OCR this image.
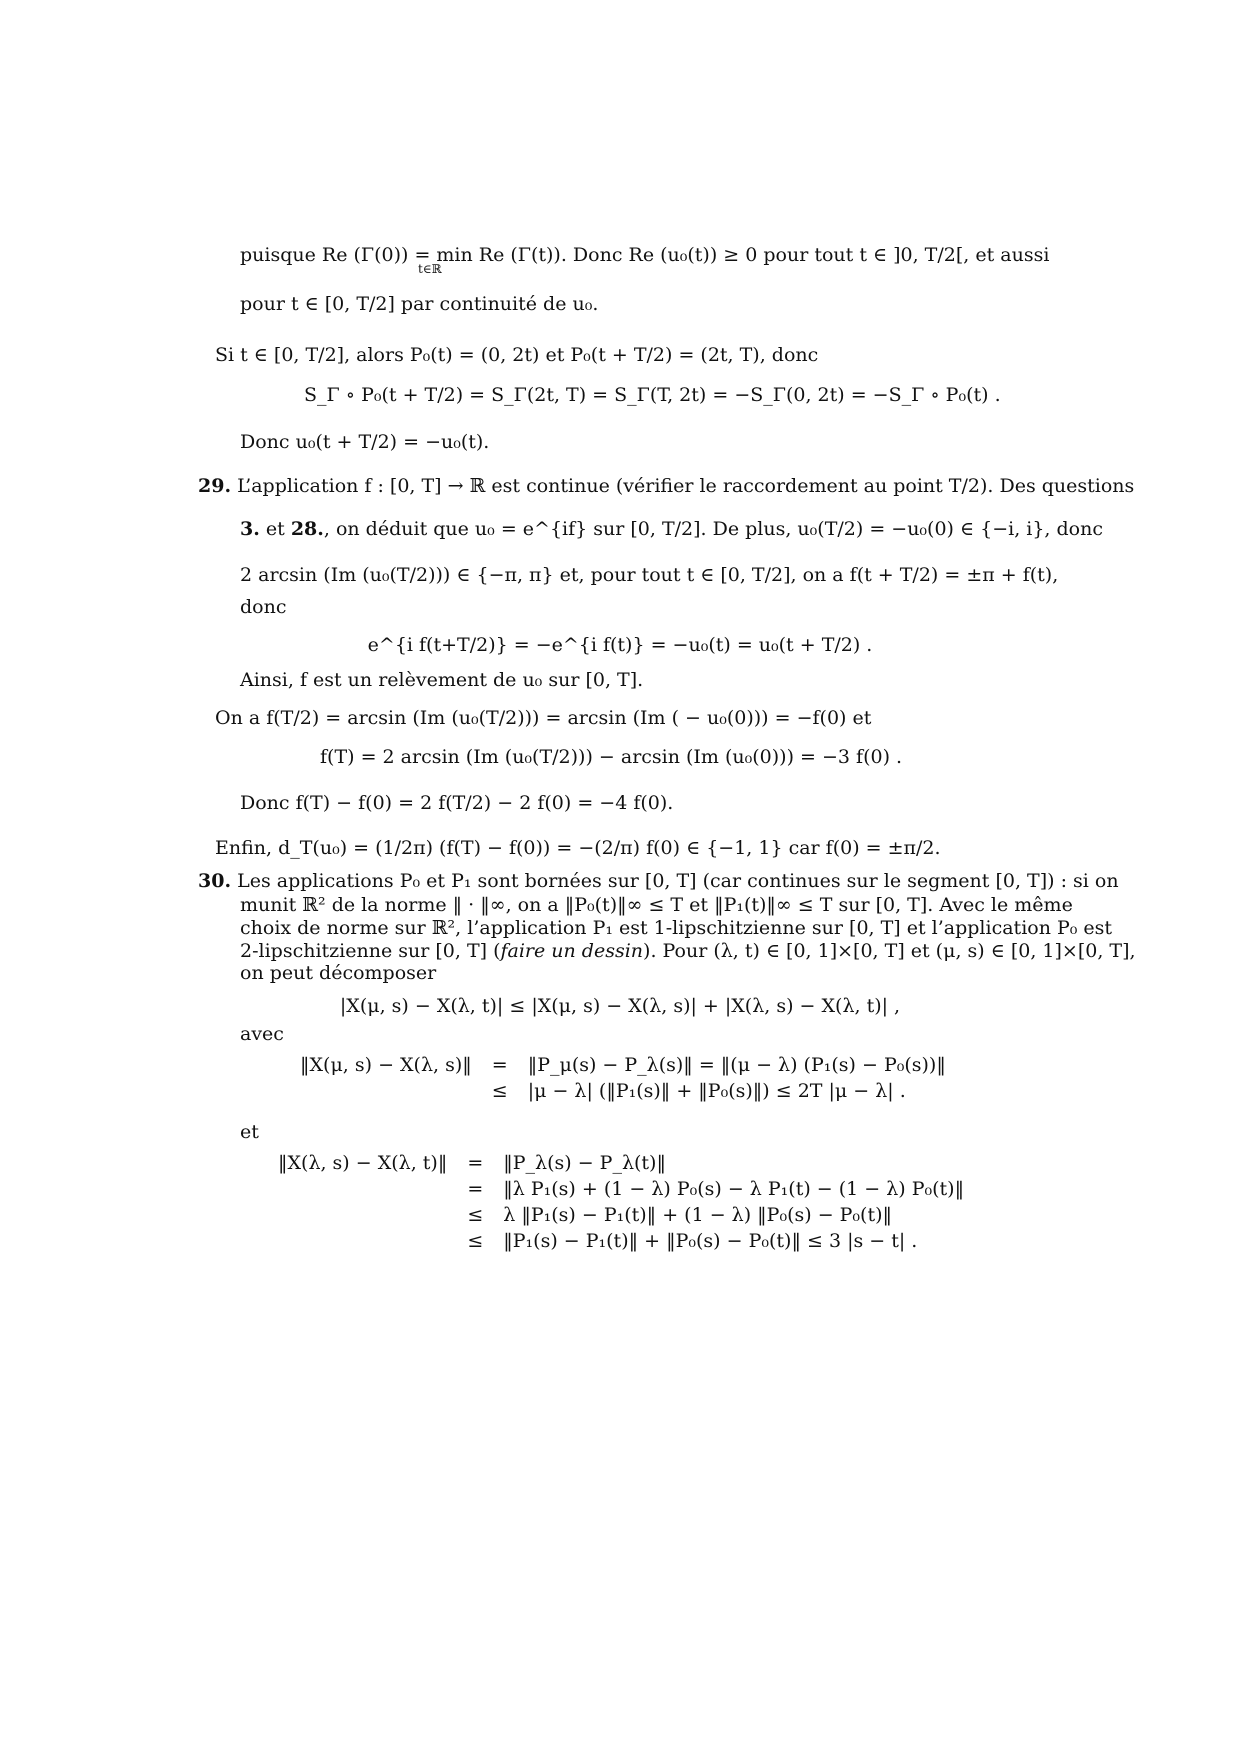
puisque Re (Γ(0)) = min Re (Γ(t)). Donc Re (u₀(t)) ≥ 0 pour tout t ∈ ]0, T/2[, et aussi
t∈ℝ
pour t ∈ [0, T/2] par continuité de u₀.
Si t ∈ [0, T/2], alors P₀(t) = (0, 2t) et P₀(t + T/2) = (2t, T), donc
S_Γ ∘ P₀(t + T/2) = S_Γ(2t, T) = S_Γ(T, 2t) = −S_Γ(0, 2t) = −S_Γ ∘ P₀(t) .
Donc u₀(t + T/2) = −u₀(t).
29. L’application f : [0, T] → ℝ est continue (vérifier le raccordement au point T/2). Des questions
3. et 28., on déduit que u₀ = e^{if} sur [0, T/2]. De plus, u₀(T/2) = −u₀(0) ∈ {−i, i}, donc
2 arcsin (Im (u₀(T/2))) ∈ {−π, π} et, pour tout t ∈ [0, T/2], on a f(t + T/2) = ±π + f(t),
donc
e^{i f(t+T/2)} = −e^{i f(t)} = −u₀(t) = u₀(t + T/2) .
Ainsi, f est un relèvement de u₀ sur [0, T].
On a f(T/2) = arcsin (Im (u₀(T/2))) = arcsin (Im ( − u₀(0))) = −f(0) et
f(T) = 2 arcsin (Im (u₀(T/2))) − arcsin (Im (u₀(0))) = −3 f(0) .
Donc f(T) − f(0) = 2 f(T/2) − 2 f(0) = −4 f(0).
Enfin, d_T(u₀) = (1/2π) (f(T) − f(0)) = −(2/π) f(0) ∈ {−1, 1} car f(0) = ±π/2.
30. Les applications P₀ et P₁ sont bornées sur [0, T] (car continues sur le segment [0, T]) : si on
munit ℝ² de la norme ‖ · ‖∞, on a ‖P₀(t)‖∞ ≤ T et ‖P₁(t)‖∞ ≤ T sur [0, T]. Avec le même
choix de norme sur ℝ², l’application P₁ est 1-lipschitzienne sur [0, T] et l’application P₀ est
2-lipschitzienne sur [0, T] (faire un dessin). Pour (λ, t) ∈ [0, 1]×[0, T] et (μ, s) ∈ [0, 1]×[0, T],
on peut décomposer
|X(μ, s) − X(λ, t)| ≤ |X(μ, s) − X(λ, s)| + |X(λ, s) − X(λ, t)| ,
avec
‖X(μ, s) − X(λ, s)‖	=	‖P_μ(s) − P_λ(s)‖ = ‖(μ − λ) (P₁(s) − P₀(s))‖
	≤	|μ − λ| (‖P₁(s)‖ + ‖P₀(s)‖) ≤ 2T |μ − λ| .
et
‖X(λ, s) − X(λ, t)‖	=	‖P_λ(s) − P_λ(t)‖
	=	‖λ P₁(s) + (1 − λ) P₀(s) − λ P₁(t) − (1 − λ) P₀(t)‖
	≤	λ ‖P₁(s) − P₁(t)‖ + (1 − λ) ‖P₀(s) − P₀(t)‖
	≤	‖P₁(s) − P₁(t)‖ + ‖P₀(s) − P₀(t)‖ ≤ 3 |s − t| .
